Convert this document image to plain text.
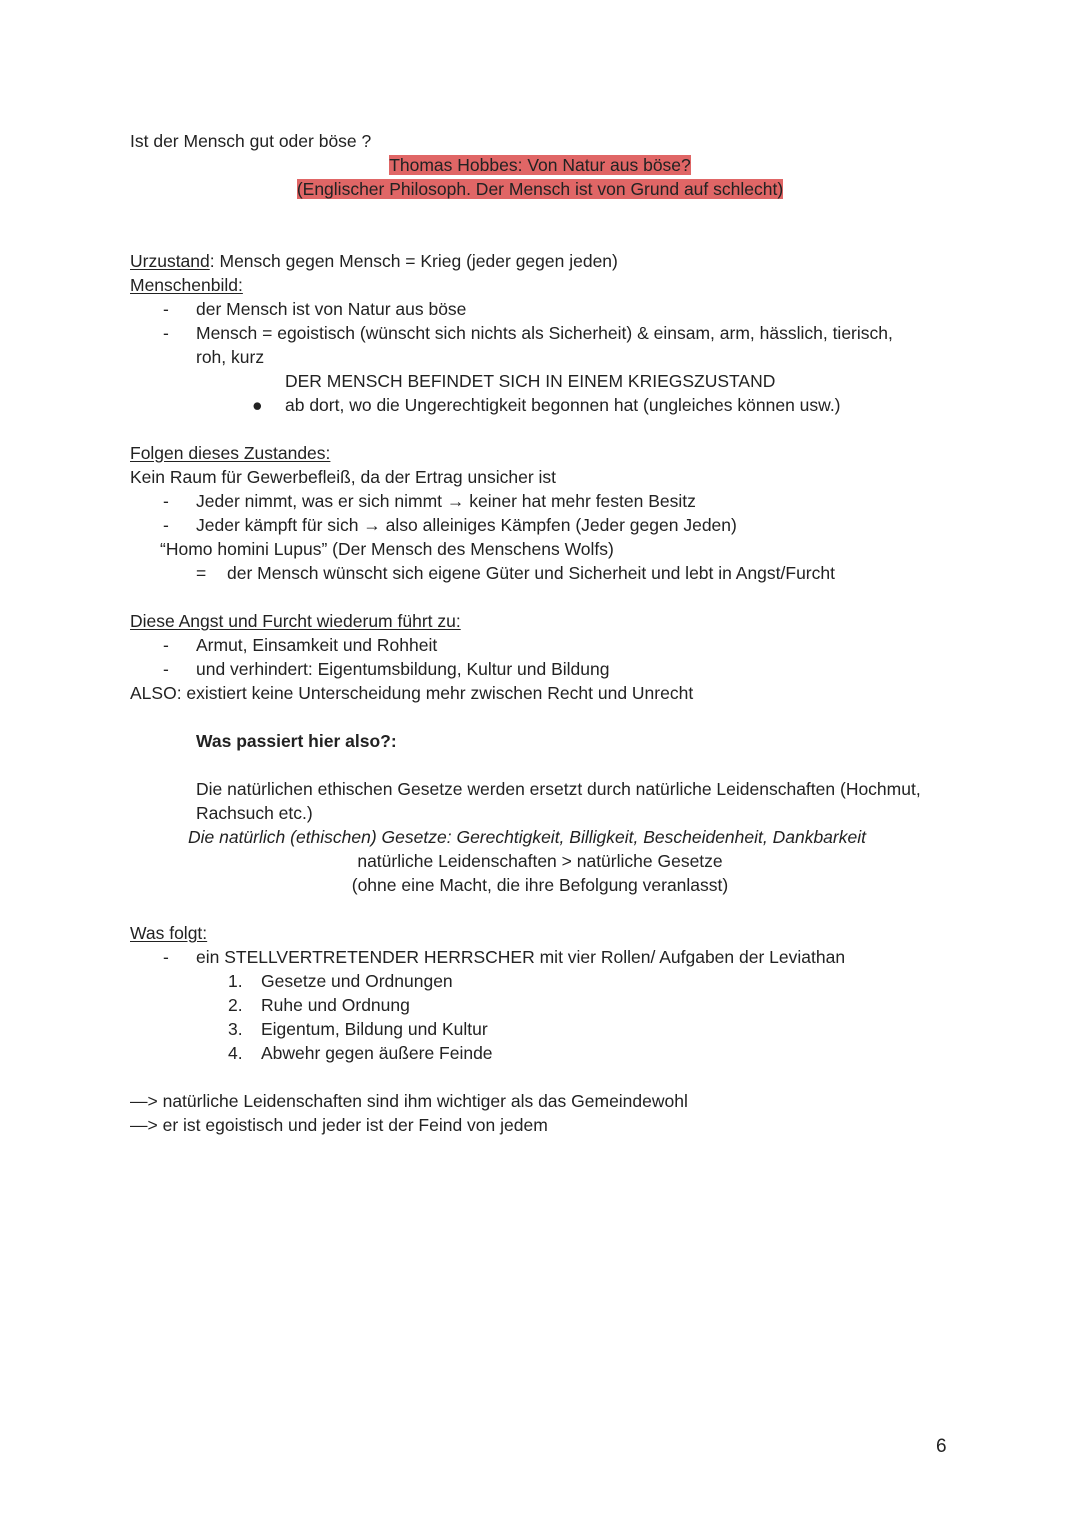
Ist der Mensch gut oder böse ?
Thomas Hobbes: Von Natur aus böse?
(Englischer Philosoph. Der Mensch ist von Grund auf schlecht)
Urzustand: Mensch gegen Mensch = Krieg (jeder gegen jeden)
Menschenbild:
- der Mensch ist von Natur aus böse
- Mensch = egoistisch (wünscht sich nichts als Sicherheit) & einsam, arm, hässlich, tierisch,
roh, kurz
DER MENSCH BEFINDET SICH IN EINEM KRIEGSZUSTAND
● ab dort, wo die Ungerechtigkeit begonnen hat (ungleiches können usw.)
Folgen dieses Zustandes:
Kein Raum für Gewerbefleiß, da der Ertrag unsicher ist
- Jeder nimmt, was er sich nimmt → keiner hat mehr festen Besitz
- Jeder kämpft für sich → also alleiniges Kämpfen (Jeder gegen Jeden)
“Homo homini Lupus” (Der Mensch des Menschens Wolfs)
= der Mensch wünscht sich eigene Güter und Sicherheit und lebt in Angst/Furcht
Diese Angst und Furcht wiederum führt zu:
- Armut, Einsamkeit und Rohheit
- und verhindert: Eigentumsbildung, Kultur und Bildung
ALSO: existiert keine Unterscheidung mehr zwischen Recht und Unrecht
Was passiert hier also?:
Die natürlichen ethischen Gesetze werden ersetzt durch natürliche Leidenschaften (Hochmut,
Rachsuch etc.)
Die natürlich (ethischen) Gesetze: Gerechtigkeit, Billigkeit, Bescheidenheit, Dankbarkeit
natürliche Leidenschaften > natürliche Gesetze
(ohne eine Macht, die ihre Befolgung veranlasst)
Was folgt:
- ein STELLVERTRETENDER HERRSCHER mit vier Rollen/ Aufgaben der Leviathan
1. Gesetze und Ordnungen
2. Ruhe und Ordnung
3. Eigentum, Bildung und Kultur
4. Abwehr gegen äußere Feinde
—> natürliche Leidenschaften sind ihm wichtiger als das Gemeindewohl
—> er ist egoistisch und jeder ist der Feind von jedem
6
